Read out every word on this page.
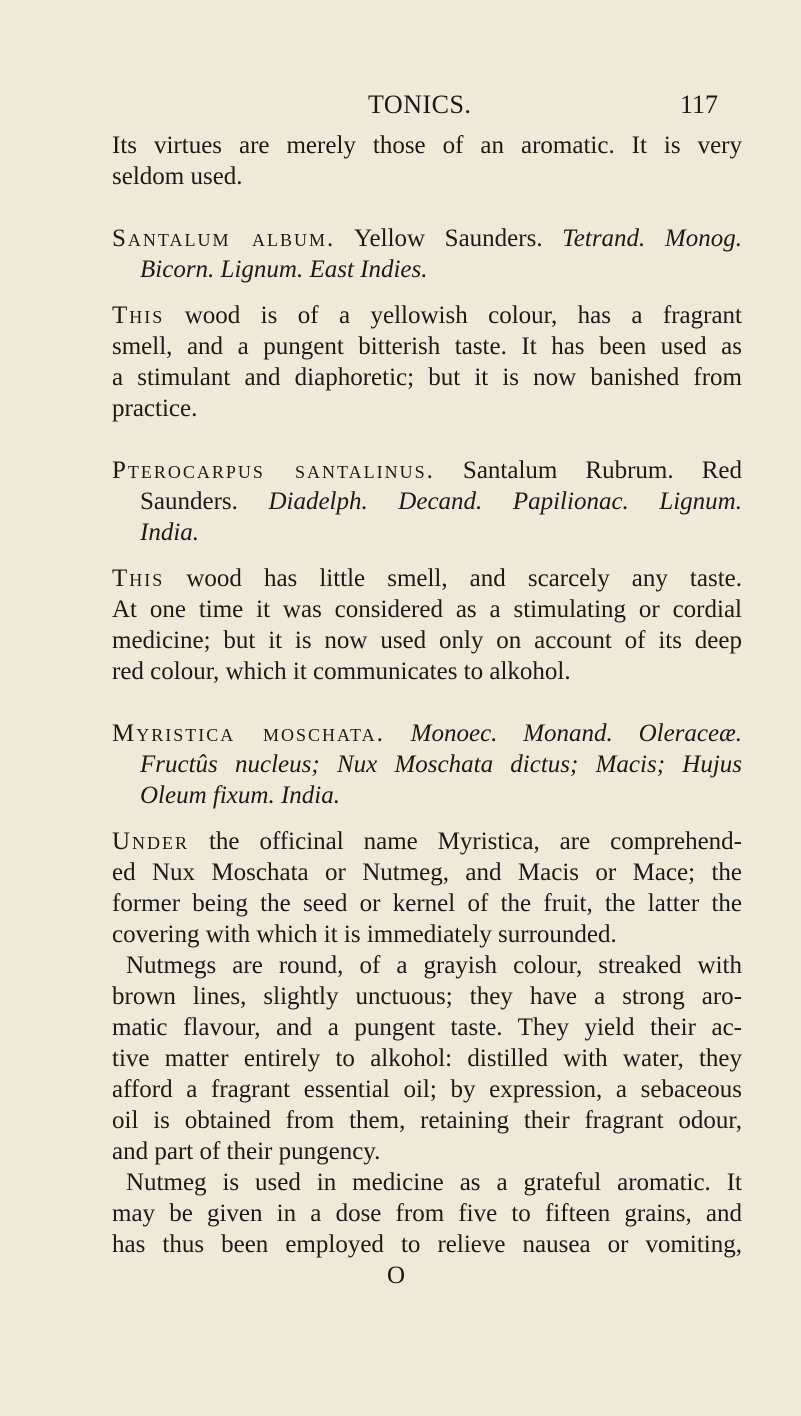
TONICS.	117
Its virtues are merely those of an aromatic. It is very
seldom used.
Santalum album. Yellow Saunders. Tetrand. Monog.
Bicorn. Lignum. East Indies.
This wood is of a yellowish colour, has a fragrant
smell, and a pungent bitterish taste. It has been used as
a stimulant and diaphoretic; but it is now banished from
practice.
Pterocarpus santalinus. Santalum Rubrum. Red
Saunders. Diadelph. Decand. Papilionac. Lignum.
India.
This wood has little smell, and scarcely any taste.
At one time it was considered as a stimulating or cordial
medicine; but it is now used only on account of its deep
red colour, which it communicates to alkohol.
Myristica moschata. Monoec. Monand. Oleraceæ.
Fructûs nucleus; Nux Moschata dictus; Macis; Hujus
Oleum fixum. India.
Under the officinal name Myristica, are comprehend-
ed Nux Moschata or Nutmeg, and Macis or Mace; the
former being the seed or kernel of the fruit, the latter the
covering with which it is immediately surrounded.
Nutmegs are round, of a grayish colour, streaked with
brown lines, slightly unctuous; they have a strong aro-
matic flavour, and a pungent taste. They yield their ac-
tive matter entirely to alkohol: distilled with water, they
afford a fragrant essential oil; by expression, a sebaceous
oil is obtained from them, retaining their fragrant odour,
and part of their pungency.
Nutmeg is used in medicine as a grateful aromatic. It
may be given in a dose from five to fifteen grains, and
has thus been employed to relieve nausea or vomiting,
O
